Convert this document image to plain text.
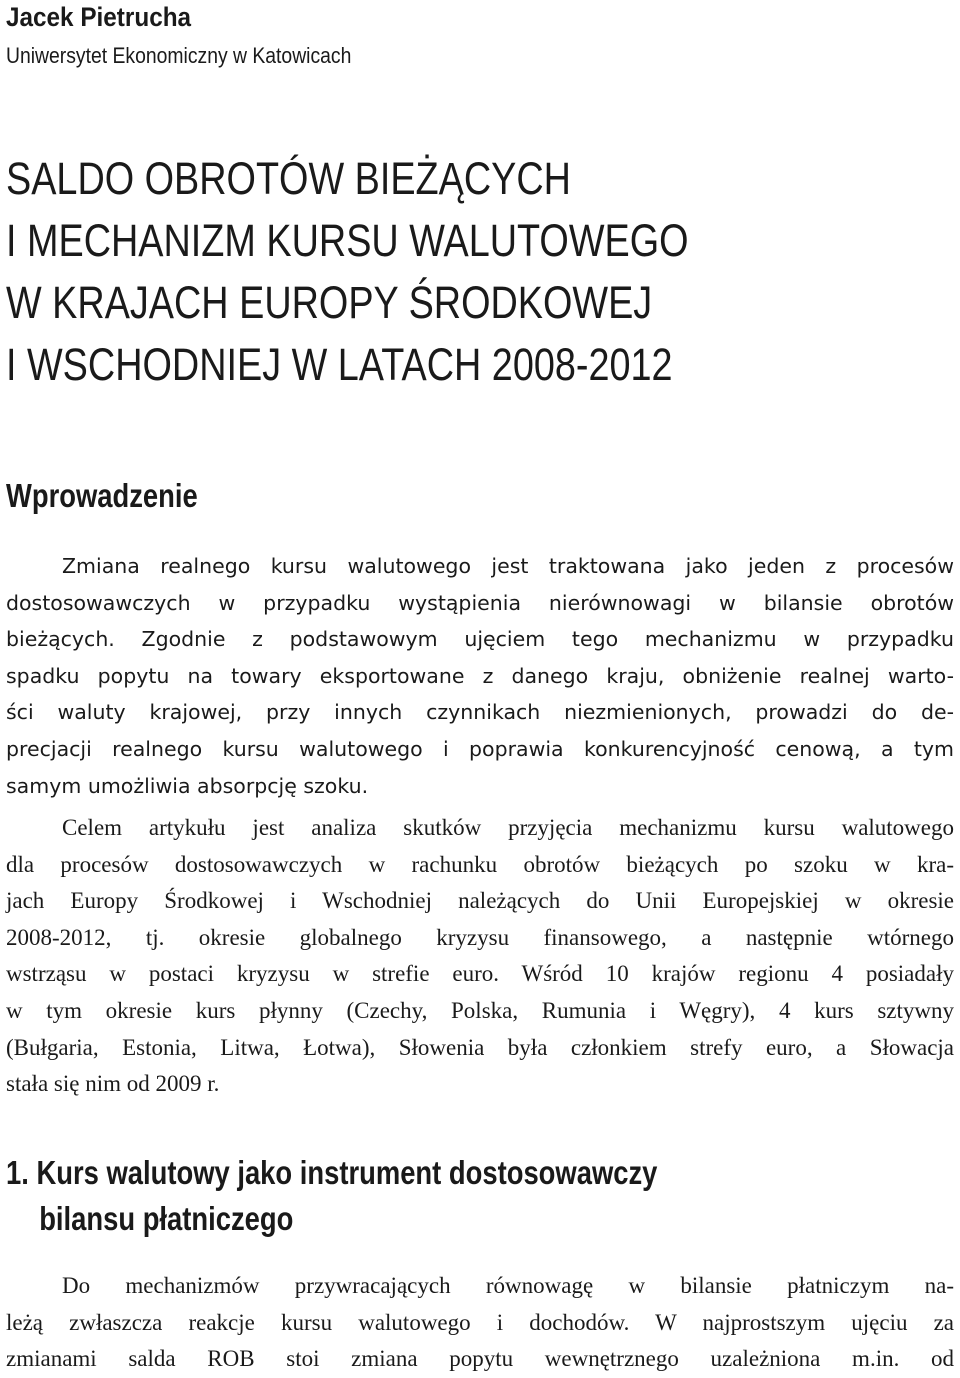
Jacek Pietrucha
Uniwersytet Ekonomiczny w Katowicach
SALDO OBROTÓW BIEŻĄCYCH
I MECHANIZM KURSU WALUTOWEGO
W KRAJACH EUROPY ŚRODKOWEJ
I WSCHODNIEJ W LATACH 2008-2012
Wprowadzenie
Zmiana realnego kursu walutowego jest traktowana jako jeden z procesów
dostosowawczych w przypadku wystąpienia nierównowagi w bilansie obrotów
bieżących. Zgodnie z podstawowym ujęciem tego mechanizmu w przypadku
spadku popytu na towary eksportowane z danego kraju, obniżenie realnej warto-
ści waluty krajowej, przy innych czynnikach niezmienionych, prowadzi do de-
precjacji realnego kursu walutowego i poprawia konkurencyjność cenową, a tym
samym umożliwia absorpcję szoku.
Celem artykułu jest analiza skutków przyjęcia mechanizmu kursu walutowego
dla procesów dostosowawczych w rachunku obrotów bieżących po szoku w kra-
jach Europy Środkowej i Wschodniej należących do Unii Europejskiej w okresie
2008-2012, tj. okresie globalnego kryzysu finansowego, a następnie wtórnego
wstrząsu w postaci kryzysu w strefie euro. Wśród 10 krajów regionu 4 posiadały
w tym okresie kurs płynny (Czechy, Polska, Rumunia i Węgry), 4 kurs sztywny
(Bułgaria, Estonia, Litwa, Łotwa), Słowenia była członkiem strefy euro, a Słowacja
stała się nim od 2009 r.
1. Kurs walutowy jako instrument dostosowawczy
bilansu płatniczego
Do mechanizmów przywracających równowagę w bilansie płatniczym na-
leżą zwłaszcza reakcje kursu walutowego i dochodów. W najprostszym ujęciu za
zmianami salda ROB stoi zmiana popytu wewnętrznego uzależniona m.in. od
